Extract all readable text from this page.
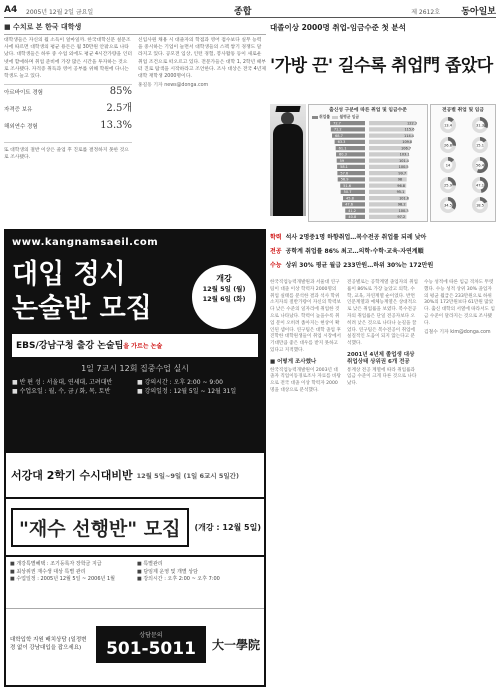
A4 2005년 12월 2일 금요일	종합	제 2612호 동아일보
■ 수치로 본 한국 대학생
대학생들은 자신의 월 소득이 얼마일까. 한국대학신문 설문조사에 따르면 대학생의 평균 용돈은 월 30만원 안팎으로 나타났다. 대학생들은 하루 중 수업 외에도 평균 4시간가량을 인터넷에 할애하며 취업 준비에 가장 많은 시간을 투자하는 것으로 조사됐다. 자격증 취득과 영어 공부를 위해 학원에 다니는 학생도 늘고 있다.
아르바이트 경험	85%
자격증 보유	2.5개
해외연수 경험	13.3%
또 대학생의 절반 이상은 졸업 후 진로를 결정하지 못한 것으로 조사됐다.
신입사원 채용 시 대졸자의 학점과 영어 점수보다 실무 능력을 중시하는 기업이 늘면서 대학생들의 스펙 쌓기 경쟁도 달라지고 있다. 공모전 입상, 인턴 경험, 봉사활동 등이 새로운 취업 조건으로 떠오르고 있다. 전문가들은 대학 1, 2학년 때부터 진로 탐색을 시작하라고 조언한다. 조사 대상은 전국 4년제 대학 재학생 2000명이다.
홍길동 기자 news@donga.com
대졸이상 2000명 취업-임금수준 첫 분석
'가방 끈' 길수록 취업門 좁았다
출신성 구분에 따른 취업 및 임금수준
취업률 월평균 임금
72.7	122.3
71.2	115.6
68.7	114.4
63.3	109.8
61.1	106.7
60.3	103.1
59	101.4
58.1	100.5
57.6	99.7
56.9	98
51.6	96.8
50.7	95.1
45.8	101.6
47.6	98.2
41.2	100.3
40.8	97.2
전공별 취업 및 임금
13.4	31.3
26.8	15.1
14	56.4
25.9	47.1
34.5	18.5
학력 석사 2명중1명 하향취업…복수전공 취업률 되레 낮아
전공 공학계 취업률 86% 최고…의학·수학·교육·자연계順
수능 상위 30% 평균 월급 233만원…하위 30%는 172만원
한국직업능력개발원과 서울대 연구팀이 대졸 이상 학력자 2000명의 취업 실태를 분석한 결과 석사 학위 소지자의 절반가량이 자신의 학력보다 낮은 수준의 일자리에 취업한 것으로 나타났다. 학력이 높을수록 취업 문이 오히려 좁아지는 현상이 확인된 셈이다. 연구팀은 대학 졸업 후 진학한 대학원생들이 취업 시장에서 기대만큼 좋은 대우를 받지 못하고 있다고 지적했다.
■ 어떻게 조사했나
한국직업능력개발원이 2003년 대졸자 직업이동경로조사 자료를 바탕으로 전국 대졸 이상 학력자 2000명을 대상으로 분석했다.
전공별로는 공학계열 졸업자의 취업률이 86%로 가장 높았고 의학, 수학, 교육, 자연계열 순이었다. 반면 인문계열과 예체능계열은 상대적으로 낮은 취업률을 보였다. 복수전공자의 취업률은 단일 전공자보다 오히려 낮은 것으로 나타나 눈길을 끌었다. 연구팀은 복수전공이 취업에 실질적인 도움이 되지 않는다고 분석했다.
2001년 4년제 졸업생 대상 취업상태 상위권 6개 전공
통계상 전공 계열에 따라 취업률과 임금 수준이 크게 다른 것으로 나타났다.
수능 성적에 따른 임금 격차도 뚜렷했다. 수능 성적 상위 30% 졸업자의 평균 월급은 233만원으로 하위 30%의 172만원보다 61만원 많았다. 출신 대학의 서열에 따라서도 임금 수준이 달라지는 것으로 조사됐다.
김철수 기자 kim@donga.com
www.kangnamsaeil.com
대입 정시
논술반 모집
개강
12월 5일 (월)
12월 6일 (화)
EBS/강남구청 출강 논술팀을 가르는 논술
1일 7교시 12회 집중수업 실시
■ 반 편 성 : 서울대, 연세대, 고려대반
■ 수업요일 : 월, 수, 금 / 화, 목, 토반
■ 강의시간 : 오후 2:00 ~ 9:00
■ 강의일정 : 12월 5일 ~ 12월 31일
서강대 2학기 수시대비반 12월 5일~9일 (1일 6교시 5일간)
"재수 선행반" 모집	(개강 : 12월 5일)
■ 개강특별혜택 : 조기등록자 장학금 지급
■ 최상위권 재수생 대상 특별 관리
■ 수업일정 : 2005년 12월 5일 ~ 2006년 1월
■ 특별관리
■ 담임제 운영 및 개별 상담
■ 강의시간 : 오후 2:00 ~ 오후 7:00
대학입학 지원 배치상담 (일정변경 없이 강남대입을 잡으세요)
상담문의
501-5011	大一學院
